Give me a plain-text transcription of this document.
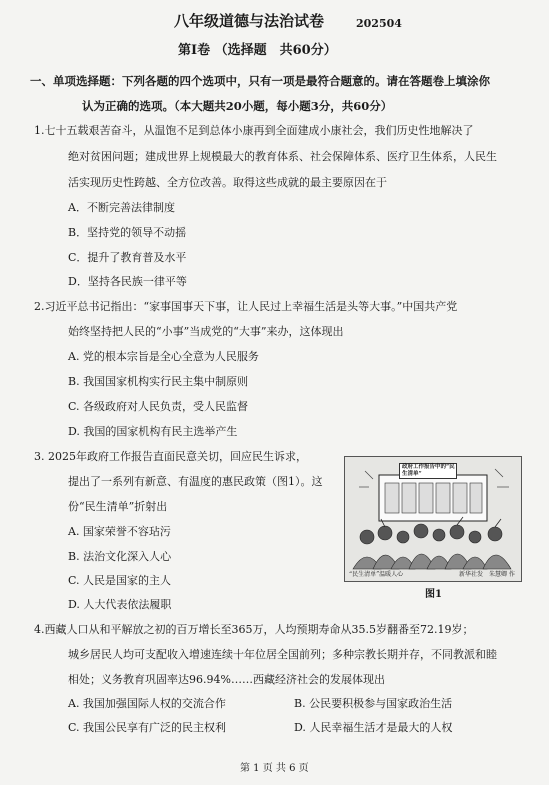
八年级道德与法治试卷	202504
第Ⅰ卷 （选择题　共60分）
一、单项选择题：下列各题的四个选项中，只有一项是最符合题意的。请在答题卷上填涂你
认为正确的选项。（本大题共20小题，每小题3分，共60分）
1.七十五载艰苦奋斗，从温饱不足到总体小康再到全面建成小康社会，我们历史性地解决了
绝对贫困问题；建成世界上规模最大的教育体系、社会保障体系、医疗卫生体系，人民生
活实现历史性跨越、全方位改善。取得这些成就的最主要原因在于
A．不断完善法律制度
B．坚持党的领导不动摇
C．提升了教育普及水平
D．坚持各民族一律平等
2.习近平总书记指出：“家事国事天下事，让人民过上幸福生活是头等大事。”中国共产党
始终坚持把人民的“小事”当成党的“大事”来办，这体现出
A. 党的根本宗旨是全心全意为人民服务
B. 我国国家机构实行民主集中制原则
C. 各级政府对人民负责，受人民监督
D. 我国的国家机构有民主选举产生
3. 2025年政府工作报告直面民意关切，回应民生诉求，
提出了一系列有新意、有温度的惠民政策（图1）。这
份“民生清单”折射出
A. 国家荣誉不容玷污
B. 法治文化深入人心
C. 人民是国家的主人
D. 人大代表依法履职
政府工作报告中的“民生清单”
“民生清单”温暖人心	新华社发　朱慧卿 作
图1
4.西藏人口从和平解放之初的百万增长至365万，人均预期寿命从35.5岁翻番至72.19岁；
城乡居民人均可支配收入增速连续十年位居全国前列；多种宗教长期并存，不同教派和睦
相处；义务教育巩固率达96.94%……西藏经济社会的发展体现出
A. 我国加强国际人权的交流合作	B. 公民要积极参与国家政治生活
C. 我国公民享有广泛的民主权利	D. 人民幸福生活才是最大的人权
第 1 页 共 6 页
